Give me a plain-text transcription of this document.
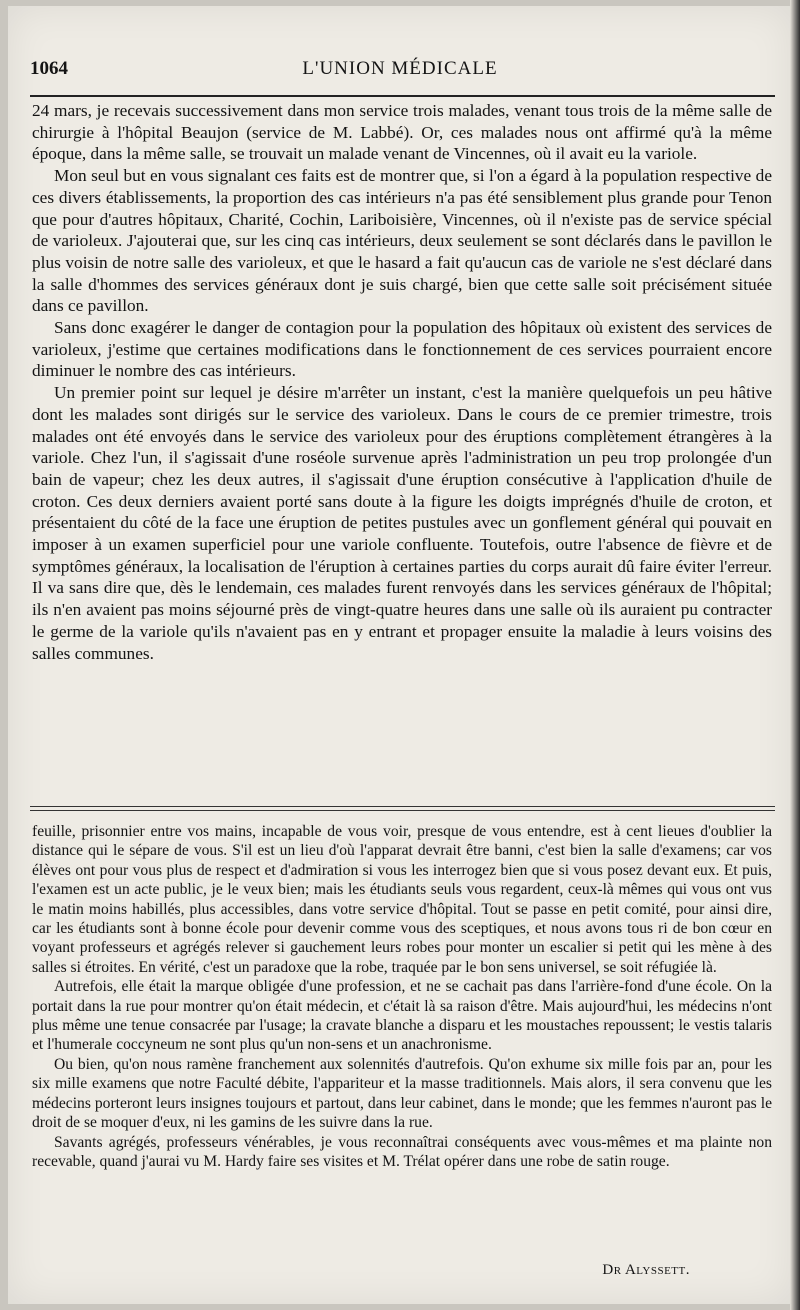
1064	L'UNION MÉDICALE

24 mars, je recevais successivement dans mon service trois malades, venant tous trois de la même salle de chirurgie à l'hôpital Beaujon (service de M. Labbé). Or, ces malades nous ont affirmé qu'à la même époque, dans la même salle, se trouvait un malade venant de Vincennes, où il avait eu la variole.

Mon seul but en vous signalant ces faits est de montrer que, si l'on a égard à la population respective de ces divers établissements, la proportion des cas intérieurs n'a pas été sensiblement plus grande pour Tenon que pour d'autres hôpitaux, Charité, Cochin, Lariboisière, Vincennes, où il n'existe pas de service spécial de varioleux. J'ajouterai que, sur les cinq cas intérieurs, deux seulement se sont déclarés dans le pavillon le plus voisin de notre salle des varioleux, et que le hasard a fait qu'aucun cas de variole ne s'est déclaré dans la salle d'hommes des services généraux dont je suis chargé, bien que cette salle soit précisément située dans ce pavillon.

Sans donc exagérer le danger de contagion pour la population des hôpitaux où existent des services de varioleux, j'estime que certaines modifications dans le fonctionnement de ces services pourraient encore diminuer le nombre des cas intérieurs.

Un premier point sur lequel je désire m'arrêter un instant, c'est la manière quelquefois un peu hâtive dont les malades sont dirigés sur le service des varioleux. Dans le cours de ce premier trimestre, trois malades ont été envoyés dans le service des varioleux pour des éruptions complètement étrangères à la variole. Chez l'un, il s'agissait d'une roséole survenue après l'administration un peu trop prolongée d'un bain de vapeur; chez les deux autres, il s'agissait d'une éruption consécutive à l'application d'huile de croton. Ces deux derniers avaient porté sans doute à la figure les doigts imprégnés d'huile de croton, et présentaient du côté de la face une éruption de petites pustules avec un gonflement général qui pouvait en imposer à un examen superficiel pour une variole confluente. Toutefois, outre l'absence de fièvre et de symptômes généraux, la localisation de l'éruption à certaines parties du corps aurait dû faire éviter l'erreur. Il va sans dire que, dès le lendemain, ces malades furent renvoyés dans les services généraux de l'hôpital; ils n'en avaient pas moins séjourné près de vingt-quatre heures dans une salle où ils auraient pu contracter le germe de la variole qu'ils n'avaient pas en y entrant et propager ensuite la maladie à leurs voisins des salles communes.

feuille, prisonnier entre vos mains, incapable de vous voir, presque de vous entendre, est à cent lieues d'oublier la distance qui le sépare de vous. S'il est un lieu d'où l'apparat devrait être banni, c'est bien la salle d'examens; car vos élèves ont pour vous plus de respect et d'admiration si vous les interrogez bien que si vous posez devant eux. Et puis, l'examen est un acte public, je le veux bien; mais les étudiants seuls vous regardent, ceux-là mêmes qui vous ont vus le matin moins habillés, plus accessibles, dans votre service d'hôpital. Tout se passe en petit comité, pour ainsi dire, car les étudiants sont à bonne école pour devenir comme vous des sceptiques, et nous avons tous ri de bon cœur en voyant professeurs et agrégés relever si gauchement leurs robes pour monter un escalier si petit qui les mène à des salles si étroites. En vérité, c'est un paradoxe que la robe, traquée par le bon sens universel, se soit réfugiée là.

Autrefois, elle était la marque obligée d'une profession, et ne se cachait pas dans l'arrière-fond d'une école. On la portait dans la rue pour montrer qu'on était médecin, et c'était là sa raison d'être. Mais aujourd'hui, les médecins n'ont plus même une tenue consacrée par l'usage; la cravate blanche a disparu et les moustaches repoussent; le vestis talaris et l'humerale coccyneum ne sont plus qu'un non-sens et un anachronisme.

Ou bien, qu'on nous ramène franchement aux solennités d'autrefois. Qu'on exhume six mille fois par an, pour les six mille examens que notre Faculté débite, l'appariteur et la masse traditionnels. Mais alors, il sera convenu que les médecins porteront leurs insignes toujours et partout, dans leur cabinet, dans le monde; que les femmes n'auront pas le droit de se moquer d'eux, ni les gamins de les suivre dans la rue.

Savants agrégés, professeurs vénérables, je vous reconnaîtrai conséquents avec vous-mêmes et ma plainte non recevable, quand j'aurai vu M. Hardy faire ses visites et M. Trélat opérer dans une robe de satin rouge.

Dr Alyssett.
